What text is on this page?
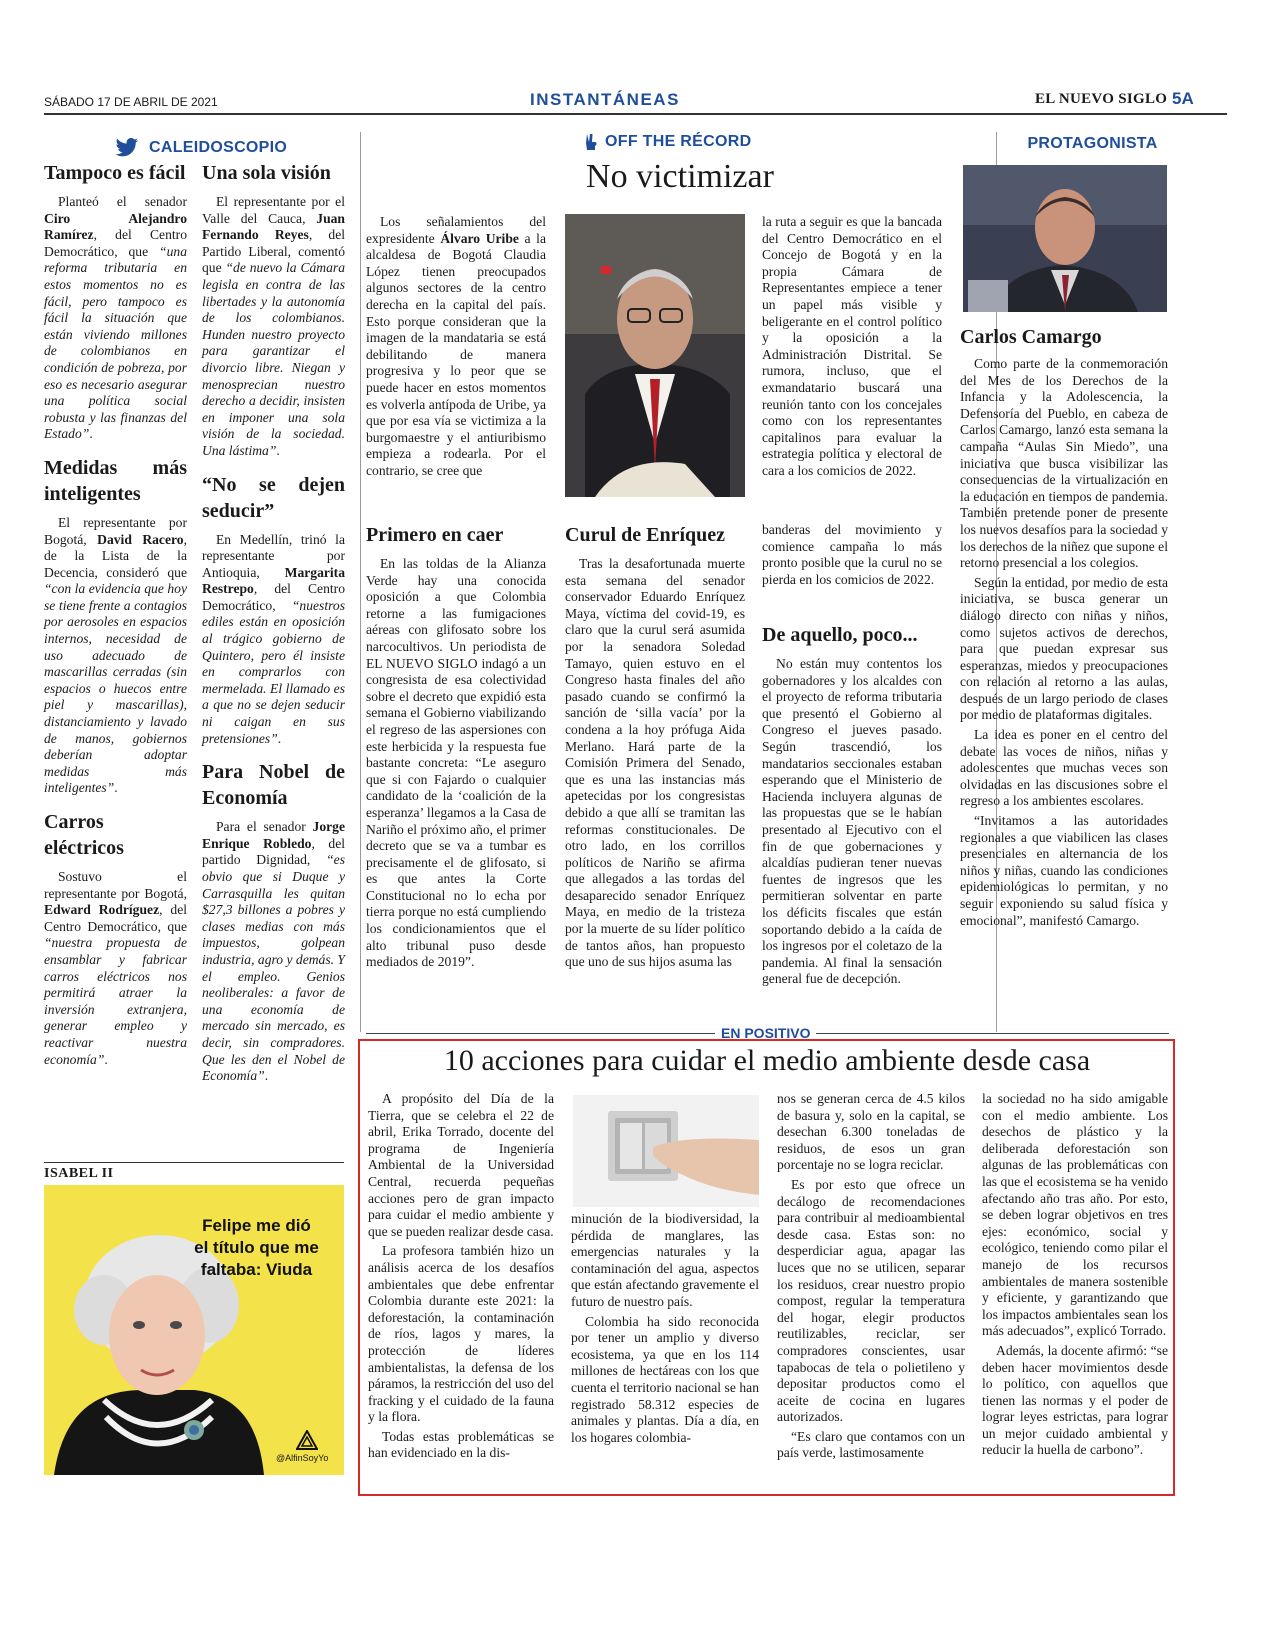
SÁBADO 17 DE ABRIL DE 2021	INSTANTÁNEAS	EL NUEVO SIGLO 5A
CALEIDOSCOPIO
Tampoco es fácil

Planteó el senador Ciro Alejandro Ramírez, del Centro Democrático, que “una reforma tributaria en estos momentos no es fácil, pero tampoco es fácil la situación que están viviendo millones de colombianos en condición de pobreza, por eso es necesario asegurar una política social robusta y las finanzas del Estado”.

Medidas más inteligentes

El representante por Bogotá, David Racero, de la Lista de la Decencia, consideró que “con la evidencia que hoy se tiene frente a contagios por aerosoles en espacios internos, necesidad de uso adecuado de mascarillas cerradas (sin espacios o huecos entre piel y mascarillas), distanciamiento y lavado de manos, gobiernos deberían adoptar medidas más inteligentes”.

Carros eléctricos

Sostuvo el representante por Bogotá, Edward Rodríguez, del Centro Democrático, que “nuestra propuesta de ensamblar y fabricar carros eléctricos nos permitirá atraer la inversión extranjera, generar empleo y reactivar nuestra economía”.

Una sola visión

El representante por el Valle del Cauca, Juan Fernando Reyes, del Partido Liberal, comentó que “de nuevo la Cámara legisla en contra de las libertades y la autonomía de los colombianos. Hunden nuestro proyecto para garantizar el divorcio libre. Niegan y menosprecian nuestro derecho a decidir, insisten en imponer una sola visión de la sociedad. Una lástima”.

“No se dejen seducir”

En Medellín, trinó la representante por Antioquia, Margarita Restrepo, del Centro Democrático, “nuestros ediles están en oposición al trágico gobierno de Quintero, pero él insiste en comprarlos con mermelada. El llamado es a que no se dejen seducir ni caigan en sus pretensiones”.

Para Nobel de Economía

Para el senador Jorge Enrique Robledo, del partido Dignidad, “es obvio que si Duque y Carrasquilla les quitan $27,3 billones a pobres y clases medias con más impuestos, golpean industria, agro y demás. Y el empleo. Genios neoliberales: a favor de una economía de mercado sin mercado, es decir, sin compradores. Que les den el Nobel de Economía”.

ISABEL II
Felipe me dió el título que me faltaba: Viuda
@AlfinSoyYo
OFF THE RÉCORD
No victimizar

Los señalamientos del expresidente Álvaro Uribe a la alcaldesa de Bogotá Claudia López tienen preocupados algunos sectores de la centro derecha en la capital del país. Esto porque consideran que la imagen de la mandataria se está debilitando de manera progresiva y lo peor que se puede hacer en estos momentos es volverla antípoda de Uribe, ya que por esa vía se victimiza a la burgomaestre y el antiuribismo empieza a rodearla. Por el contrario, se cree que

la ruta a seguir es que la bancada del Centro Democrático en el Concejo de Bogotá y en la propia Cámara de Representantes empiece a tener un papel más visible y beligerante en el control político y la oposición a la Administración Distrital. Se rumora, incluso, que el exmandatario buscará una reunión tanto con los concejales como con los representantes capitalinos para evaluar la estrategia política y electoral de cara a los comicios de 2022.

Primero en caer

En las toldas de la Alianza Verde hay una conocida oposición a que Colombia retorne a las fumigaciones aéreas con glifosato sobre los narcocultivos. Un periodista de EL NUEVO SIGLO indagó a un congresista de esa colectividad sobre el decreto que expidió esta semana el Gobierno viabilizando el regreso de las aspersiones con este herbicida y la respuesta fue bastante concreta: “Le aseguro que si con Fajardo o cualquier candidato de la ‘coalición de la esperanza’ llegamos a la Casa de Nariño el próximo año, el primer decreto que se va a tumbar es precisamente el de glifosato, si es que antes la Corte Constitucional no lo echa por tierra porque no está cumpliendo los condicionamientos que el alto tribunal puso desde mediados de 2019”.

Curul de Enríquez

Tras la desafortunada muerte esta semana del senador conservador Eduardo Enríquez Maya, víctima del covid-19, es claro que la curul será asumida por la senadora Soledad Tamayo, quien estuvo en el Congreso hasta finales del año pasado cuando se confirmó la sanción de ‘silla vacía’ por la condena a la hoy prófuga Aida Merlano. Hará parte de la Comisión Primera del Senado, que es una las instancias más apetecidas por los congresistas debido a que allí se tramitan las reformas constitucionales. De otro lado, en los corrillos políticos de Nariño se afirma que allegados a las tordas del desaparecido senador Enríquez Maya, en medio de la tristeza por la muerte de su líder político de tantos años, han propuesto que uno de sus hijos asuma las

banderas del movimiento y comience campaña lo más pronto posible que la curul no se pierda en los comicios de 2022.

De aquello, poco...

No están muy contentos los gobernadores y los alcaldes con el proyecto de reforma tributaria que presentó el Gobierno al Congreso el jueves pasado. Según trascendió, los mandatarios seccionales estaban esperando que el Ministerio de Hacienda incluyera algunas de las propuestas que se le habían presentado al Ejecutivo con el fin de que gobernaciones y alcaldías pudieran tener nuevas fuentes de ingresos que les permitieran solventar en parte los déficits fiscales que están soportando debido a la caída de los ingresos por el coletazo de la pandemia. Al final la sensación general fue de decepción.

PROTAGONISTA
Carlos Camargo

Como parte de la conmemoración del Mes de los Derechos de la Infancia y la Adolescencia, la Defensoría del Pueblo, en cabeza de Carlos Camargo, lanzó esta semana la campaña “Aulas Sin Miedo”, una iniciativa que busca visibilizar las consecuencias de la virtualización en la educación en tiempos de pandemia. También pretende poner de presente los nuevos desafíos para la sociedad y los derechos de la niñez que supone el retorno presencial a los colegios.

Según la entidad, por medio de esta iniciativa, se busca generar un diálogo directo con niñas y niños, como sujetos activos de derechos, para que puedan expresar sus esperanzas, miedos y preocupaciones con relación al retorno a las aulas, después de un largo periodo de clases por medio de plataformas digitales.

La idea es poner en el centro del debate las voces de niños, niñas y adolescentes que muchas veces son olvidadas en las discusiones sobre el regreso a los ambientes escolares.

“Invitamos a las autoridades regionales a que viabilicen las clases presenciales en alternancia de los niños y niñas, cuando las condiciones epidemiológicas lo permitan, y no seguir exponiendo su salud física y emocional”, manifestó Camargo.

EN POSITIVO
10 acciones para cuidar el medio ambiente desde casa

A propósito del Día de la Tierra, que se celebra el 22 de abril, Erika Torrado, docente del programa de Ingeniería Ambiental de la Universidad Central, recuerda pequeñas acciones pero de gran impacto para cuidar el medio ambiente y que se pueden realizar desde casa.

La profesora también hizo un análisis acerca de los desafíos ambientales que debe enfrentar Colombia durante este 2021: la deforestación, la contaminación de ríos, lagos y mares, la protección de líderes ambientalistas, la defensa de los páramos, la restricción del uso del fracking y el cuidado de la fauna y la flora.

Todas estas problemáticas se han evidenciado en la dis-

minución de la biodiversidad, la pérdida de manglares, las emergencias naturales y la contaminación del agua, aspectos que están afectando gravemente el futuro de nuestro país.

Colombia ha sido reconocida por tener un amplio y diverso ecosistema, ya que en los 114 millones de hectáreas con los que cuenta el territorio nacional se han registrado 58.312 especies de animales y plantas. Día a día, en los hogares colombia-

nos se generan cerca de 4.5 kilos de basura y, solo en la capital, se desechan 6.300 toneladas de residuos, de esos un gran porcentaje no se logra reciclar.

Es por esto que ofrece un decálogo de recomendaciones para contribuir al medioambiental desde casa. Estas son: no desperdiciar agua, apagar las luces que no se utilicen, separar los residuos, crear nuestro propio compost, regular la temperatura del hogar, elegir productos reutilizables, reciclar, ser compradores conscientes, usar tapabocas de tela o polietileno y depositar productos como el aceite de cocina en lugares autorizados.

“Es claro que contamos con un país verde, lastimosamente

la sociedad no ha sido amigable con el medio ambiente. Los desechos de plástico y la deliberada deforestación son algunas de las problemáticas con las que el ecosistema se ha venido afectando año tras año. Por esto, se deben lograr objetivos en tres ejes: económico, social y ecológico, teniendo como pilar el manejo de los recursos ambientales de manera sostenible y eficiente, y garantizando que los impactos ambientales sean los más adecuados”, explicó Torrado.

Además, la docente afirmó: “se deben hacer movimientos desde lo político, con aquellos que tienen las normas y el poder de lograr leyes estrictas, para lograr un mejor cuidado ambiental y reducir la huella de carbono”.
